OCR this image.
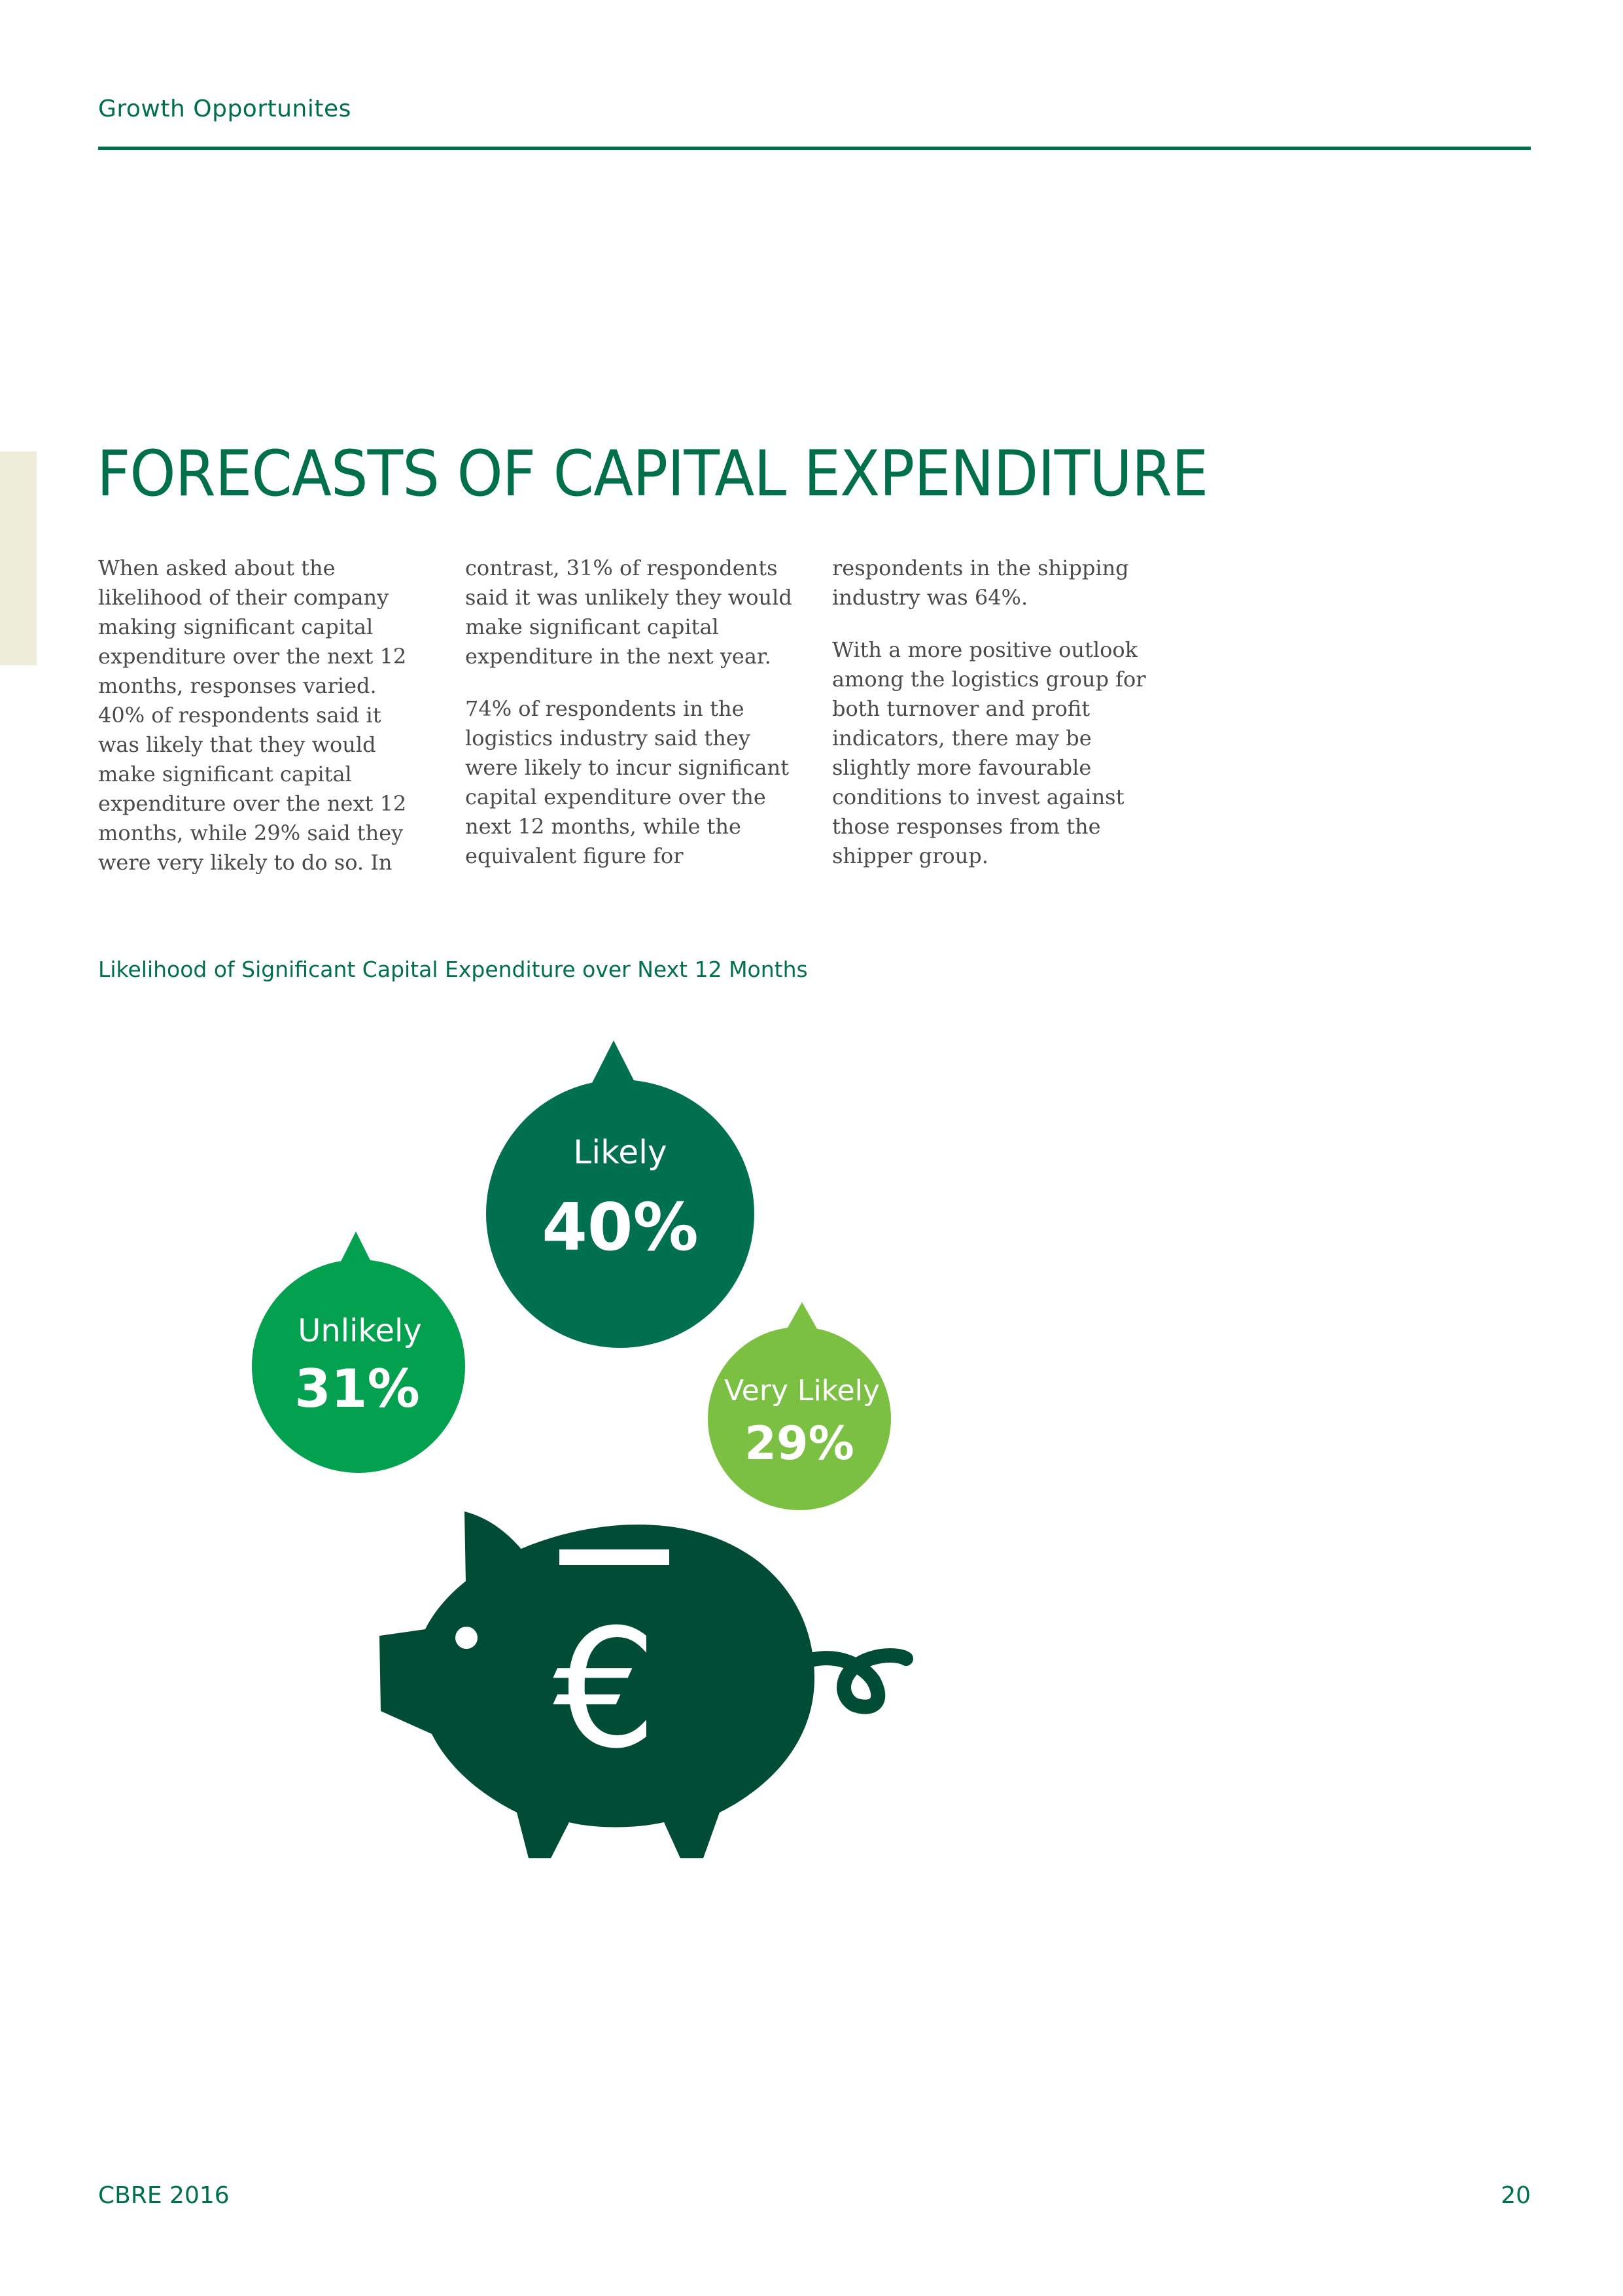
Growth Opportunites
FORECASTS OF CAPITAL EXPENDITURE

When asked about the likelihood of their company making significant capital expenditure over the next 12 months, responses varied. 40% of respondents said it was likely that they would make significant capital expenditure over the next 12 months, while 29% said they were very likely to do so. In

contrast, 31% of respondents said it was unlikely they would make significant capital expenditure in the next year.

74% of respondents in the logistics industry said they were likely to incur significant capital expenditure over the next 12 months, while the equivalent figure for

respondents in the shipping industry was 64%.

With a more positive outlook among the logistics group for both turnover and profit indicators, there may be slightly more favourable conditions to invest against those responses from the shipper group.

Likelihood of Significant Capital Expenditure over Next 12 Months
Likely
40%
Unlikely
31%	Very Likely
29%
€
CBRE 2016	20
